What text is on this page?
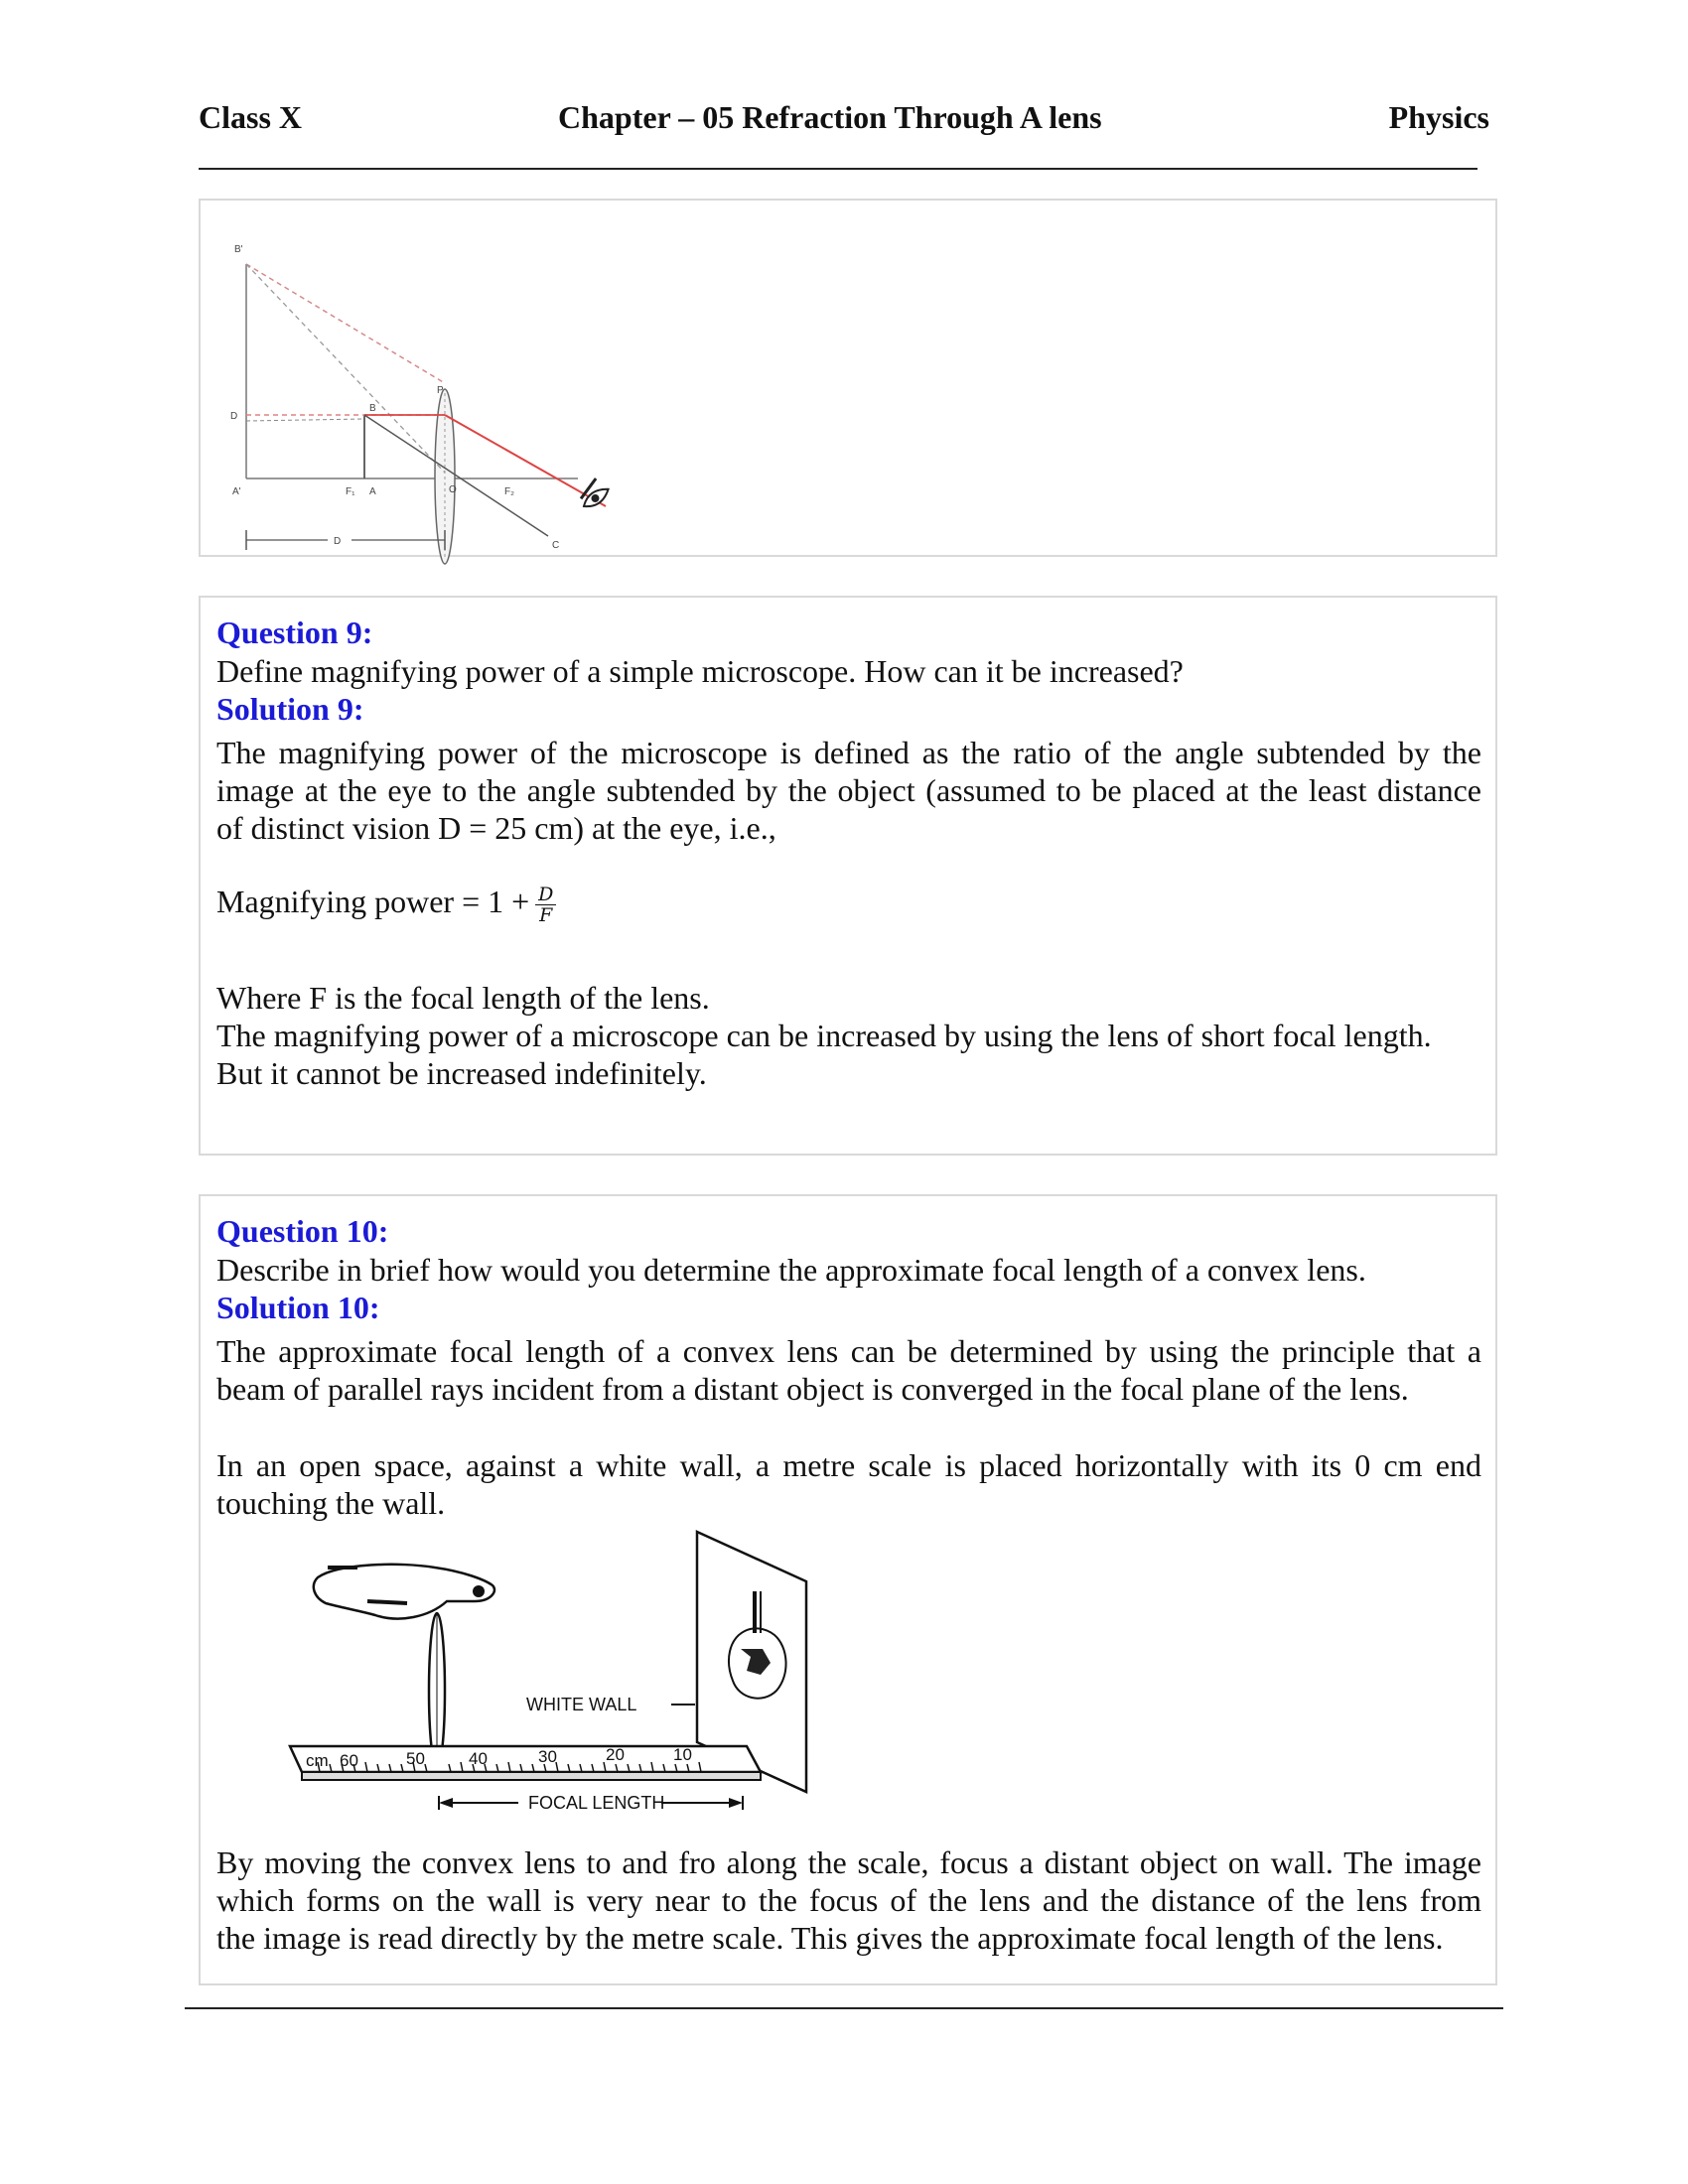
Class X	Chapter – 05 Refraction Through A lens	Physics
B'
D
A'	F₁ A
B
P
O	F₂
C
D

Question 9:

Define magnifying power of a simple microscope. How can it be increased?

Solution 9:

The magnifying power of the microscope is defined as the ratio of the angle subtended by the

image at the eye to the angle subtended by the object (assumed to be placed at the least distance

of distinct vision D = 25 cm) at the eye, i.e.,

Magnifying power = $1 + \frac{D}{F}$

Where F is the focal length of the lens.

The magnifying power of a microscope can be increased by using the lens of short focal length.

But it cannot be increased indefinitely.

Question 10:

Describe in brief how would you determine the approximate focal length of a convex lens.

Solution 10:

The approximate focal length of a convex lens can be determined by using the principle that a

beam of parallel rays incident from a distant object is converged in the focal plane of the lens.

In an open space, against a white wall, a metre scale is placed horizontally with its 0 cm end

touching the wall.

cm 60	50	40	30	20	10
WHITE WALL
FOCAL LENGTH

By moving the convex lens to and fro along the scale, focus a distant object on wall. The image

which forms on the wall is very near to the focus of the lens and the distance of the lens from

the image is read directly by the metre scale. This gives the approximate focal length of the lens.
